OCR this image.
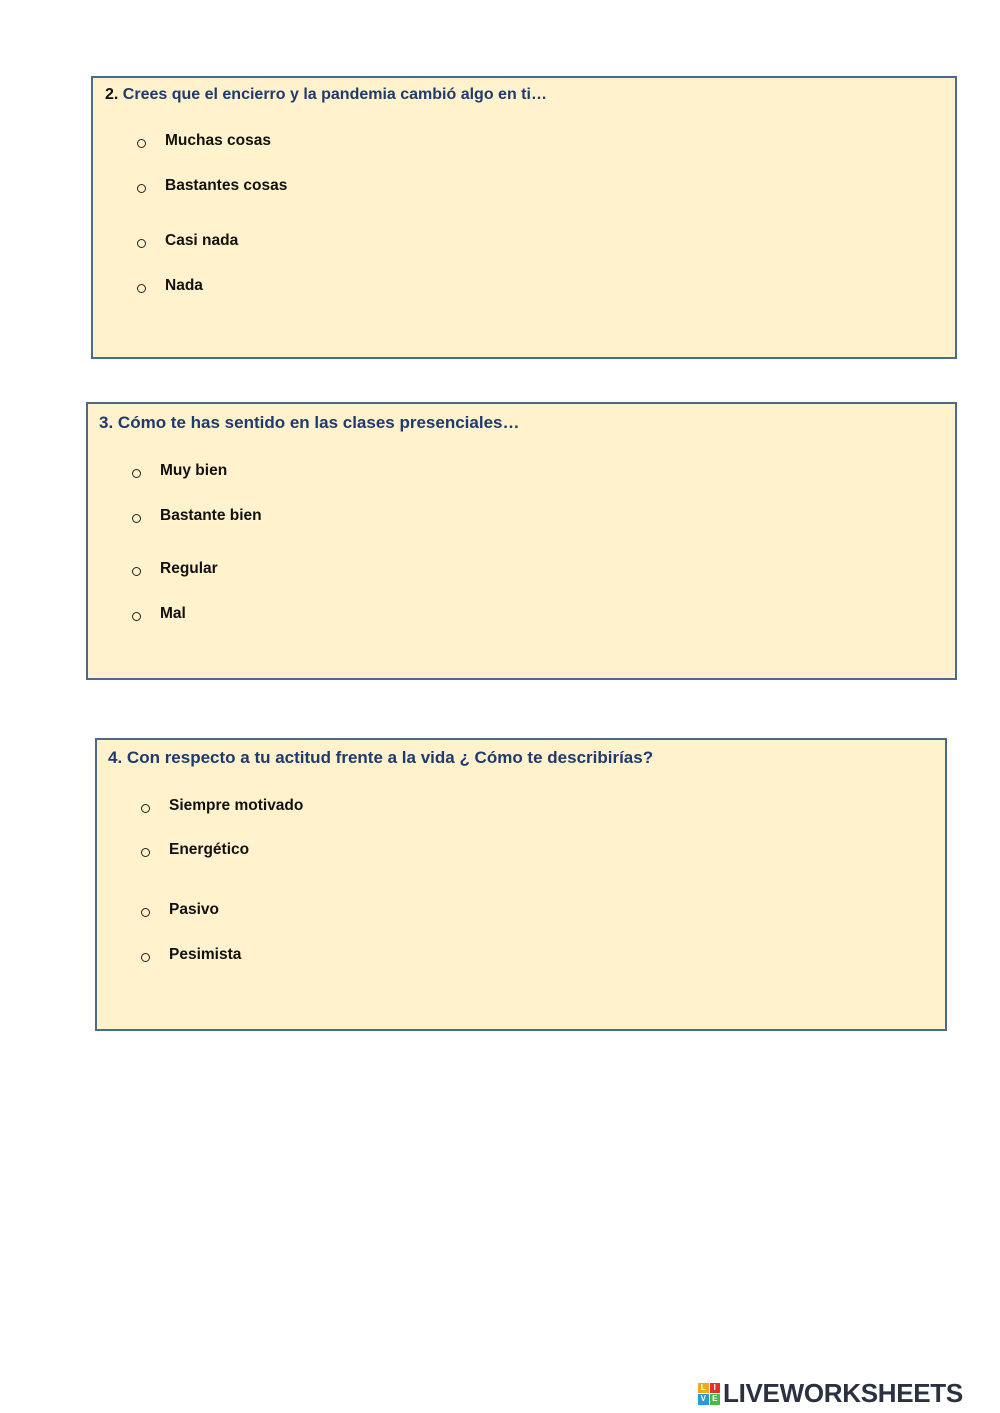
2. Crees que el encierro y la pandemia cambió algo en ti…
Muchas cosas
Bastantes cosas
Casi nada
Nada
3. Cómo te has sentido en las clases presenciales…
Muy bien
Bastante bien
Regular
Mal
4. Con respecto a tu actitud frente a la vida ¿ Cómo te describirías?
Siempre motivado
Energético
Pasivo
Pesimista
L I
V E LIVEWORKSHEETS
